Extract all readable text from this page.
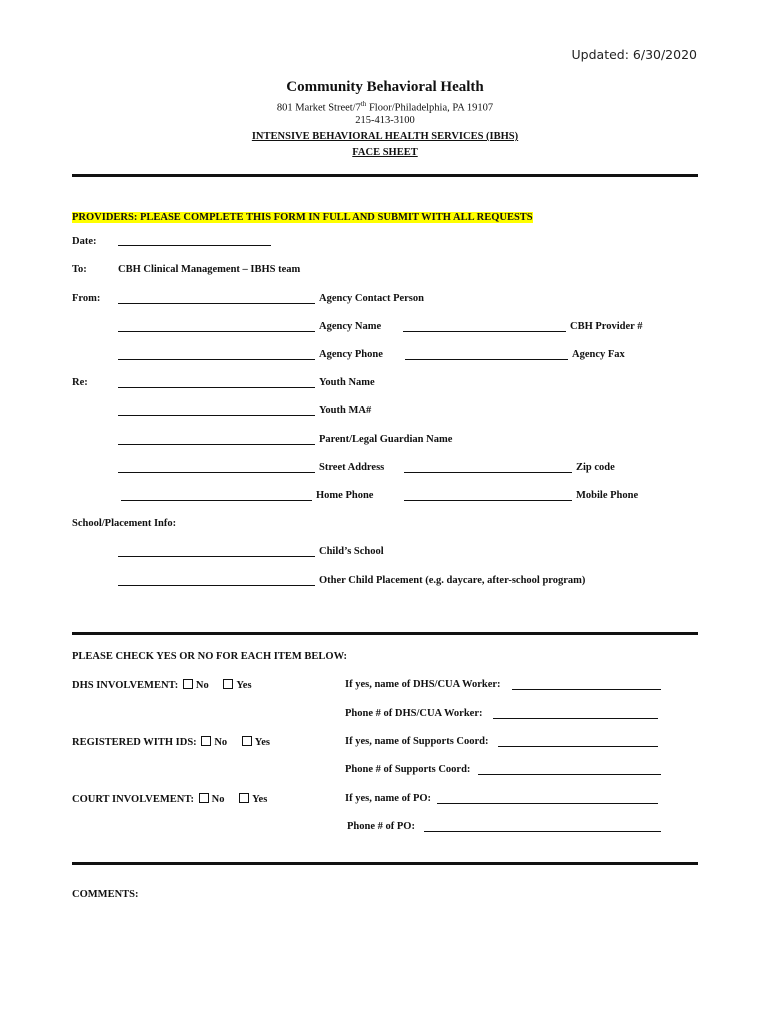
Updated: 6/30/2020
Community Behavioral Health
801 Market Street/7th Floor/Philadelphia, PA 19107
215-413-3100
INTENSIVE BEHAVIORAL HEALTH SERVICES (IBHS)
FACE SHEET
PROVIDERS: PLEASE COMPLETE THIS FORM IN FULL AND SUBMIT WITH ALL REQUESTS
Date:
To:	CBH Clinical Management – IBHS team
From:	Agency Contact Person
Agency Name	CBH Provider #
Agency Phone	Agency Fax
Re:	Youth Name
Youth MA#
Parent/Legal Guardian Name
Street Address	Zip code
Home Phone	Mobile Phone
School/Placement Info:
Child’s School
Other Child Placement (e.g. daycare, after-school program)
PLEASE CHECK YES OR NO FOR EACH ITEM BELOW:
DHS INVOLVEMENT: No	Yes	If yes, name of DHS/CUA Worker:
Phone # of DHS/CUA Worker:
REGISTERED WITH IDS: No	Yes	If yes, name of Supports Coord:
Phone # of Supports Coord:
COURT INVOLVEMENT: No	Yes	If yes, name of PO:
Phone # of PO:
COMMENTS:
